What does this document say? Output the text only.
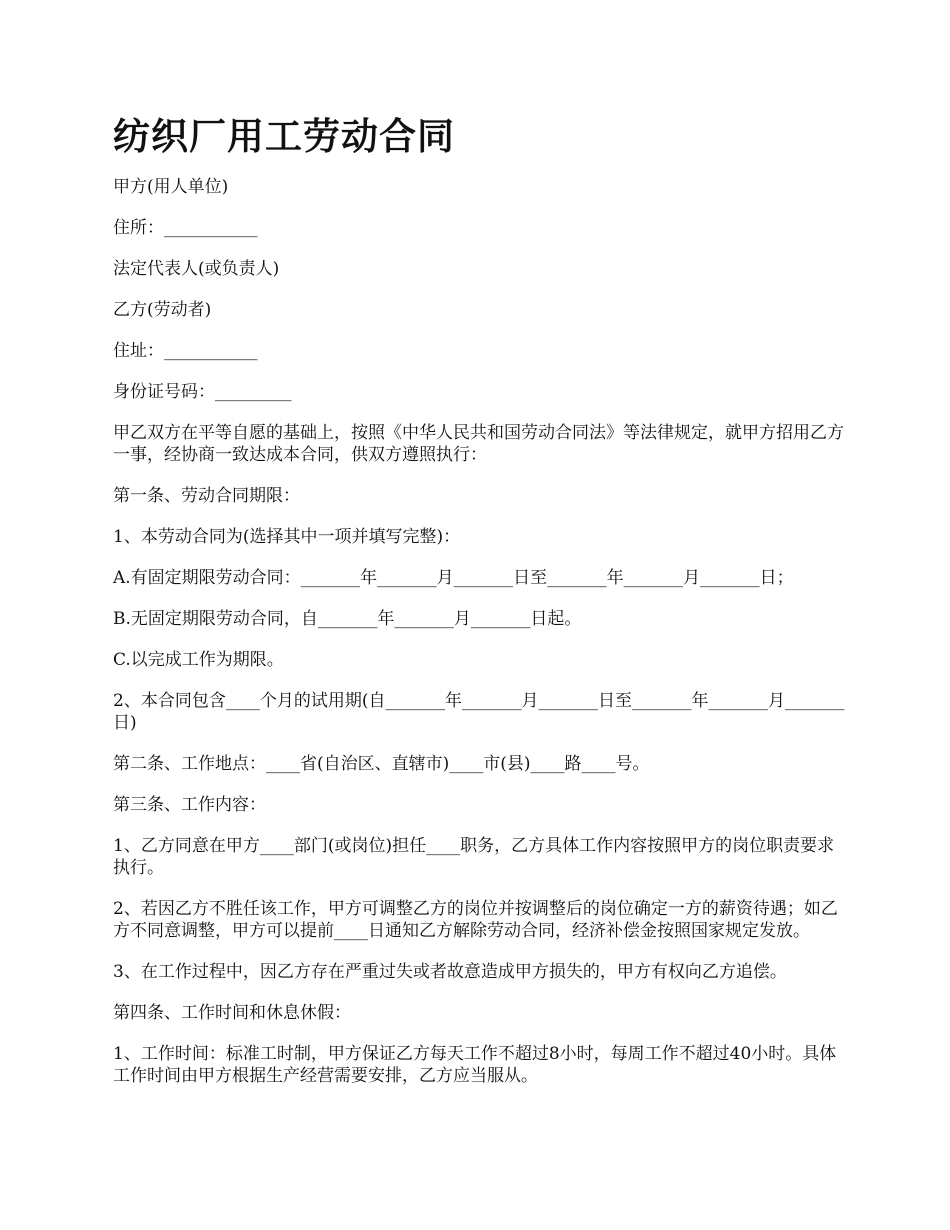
纺织厂用工劳动合同

甲方(用人单位)

住所：___________

法定代表人(或负责人)

乙方(劳动者)

住址：___________

身份证号码：_________

甲乙双方在平等自愿的基础上，按照《中华人民共和国劳动合同法》等法律规定，就甲方招用乙方一事，经协商一致达成本合同，供双方遵照执行：

第一条、劳动合同期限：

1、本劳动合同为(选择其中一项并填写完整)：

A.有固定期限劳动合同：_______年_______月_______日至_______年_______月_______日；

B.无固定期限劳动合同，自_______年_______月_______日起。

C.以完成工作为期限。

2、本合同包含____个月的试用期(自_______年_______月_______日至_______年_______月_______日)

第二条、工作地点：____省(自治区、直辖市)____市(县)____路____号。

第三条、工作内容：

1、乙方同意在甲方____部门(或岗位)担任____职务，乙方具体工作内容按照甲方的岗位职责要求执行。

2、若因乙方不胜任该工作，甲方可调整乙方的岗位并按调整后的岗位确定一方的薪资待遇；如乙方不同意调整，甲方可以提前____日通知乙方解除劳动合同，经济补偿金按照国家规定发放。

3、在工作过程中，因乙方存在严重过失或者故意造成甲方损失的，甲方有权向乙方追偿。

第四条、工作时间和休息休假：

1、工作时间：标准工时制，甲方保证乙方每天工作不超过8小时，每周工作不超过40小时。具体工作时间由甲方根据生产经营需要安排，乙方应当服从。
